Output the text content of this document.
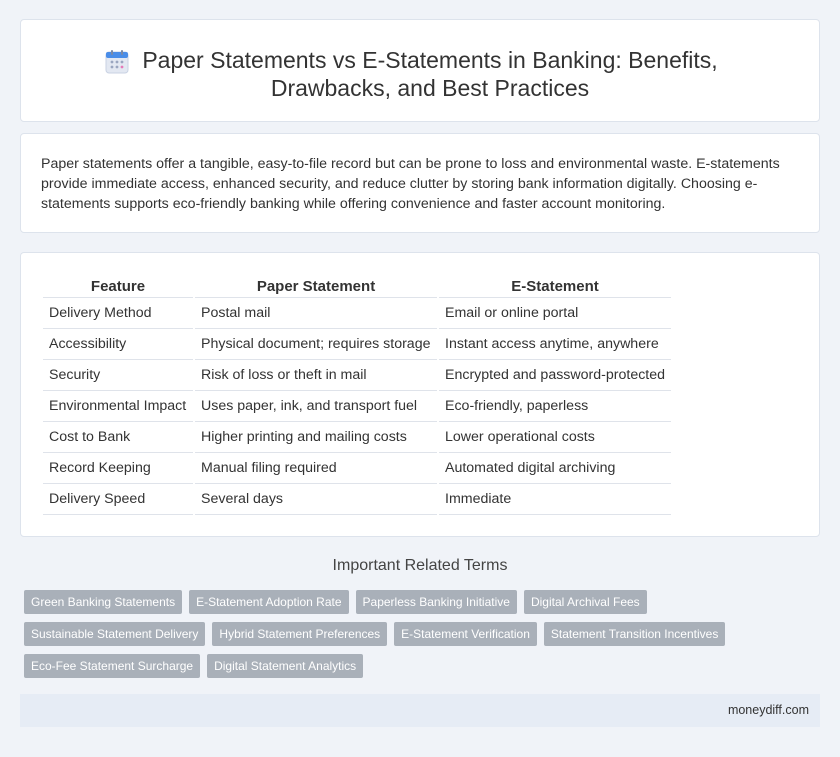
Paper Statements vs E-Statements in Banking: Benefits, Drawbacks, and Best Practices

Paper statements offer a tangible, easy-to-file record but can be prone to loss and environmental waste. E-statements provide immediate access, enhanced security, and reduce clutter by storing bank information digitally. Choosing e-statements supports eco-friendly banking while offering convenience and faster account monitoring.

Feature	Paper Statement	E-Statement
Delivery Method	Postal mail	Email or online portal
Accessibility	Physical document; requires storage	Instant access anytime, anywhere
Security	Risk of loss or theft in mail	Encrypted and password-protected
Environmental Impact	Uses paper, ink, and transport fuel	Eco-friendly, paperless
Cost to Bank	Higher printing and mailing costs	Lower operational costs
Record Keeping	Manual filing required	Automated digital archiving
Delivery Speed	Several days	Immediate
Important Related Terms
Green Banking Statements	E-Statement Adoption Rate	Paperless Banking Initiative	Digital Archival Fees
Sustainable Statement Delivery	Hybrid Statement Preferences	E-Statement Verification	Statement Transition Incentives
Eco-Fee Statement Surcharge	Digital Statement Analytics
moneydiff.com
